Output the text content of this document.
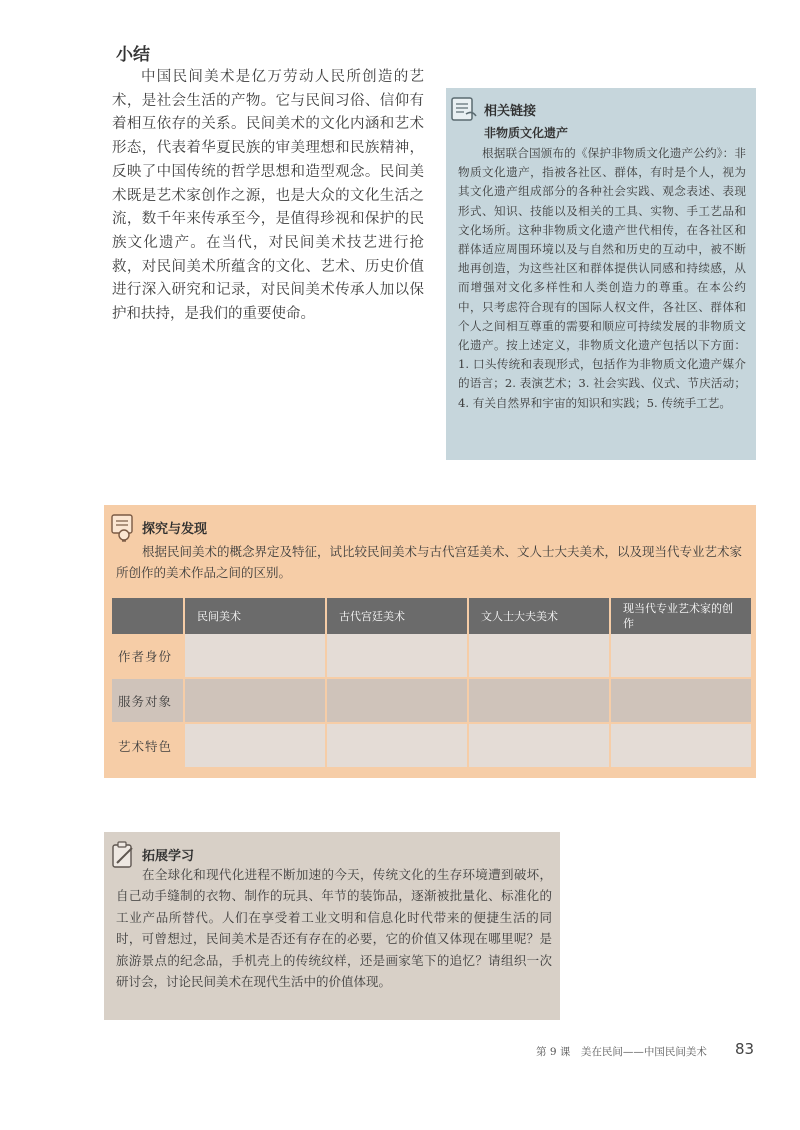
小结
中国民间美术是亿万劳动人民所创造的艺术，是社会生活的产物。它与民间习俗、信仰有着相互依存的关系。民间美术的文化内涵和艺术形态，代表着华夏民族的审美理想和民族精神，反映了中国传统的哲学思想和造型观念。民间美术既是艺术家创作之源，也是大众的文化生活之流，数千年来传承至今，是值得珍视和保护的民族文化遗产。在当代，对民间美术技艺进行抢救，对民间美术所蕴含的文化、艺术、历史价值进行深入研究和记录，对民间美术传承人加以保护和扶持，是我们的重要使命。
相关链接
非物质文化遗产
根据联合国颁布的《保护非物质文化遗产公约》：非物质文化遗产，指被各社区、群体，有时是个人，视为其文化遗产组成部分的各种社会实践、观念表述、表现形式、知识、技能以及相关的工具、实物、手工艺品和文化场所。这种非物质文化遗产世代相传，在各社区和群体适应周围环境以及与自然和历史的互动中，被不断地再创造，为这些社区和群体提供认同感和持续感，从而增强对文化多样性和人类创造力的尊重。在本公约中，只考虑符合现有的国际人权文件，各社区、群体和个人之间相互尊重的需要和顺应可持续发展的非物质文化遗产。按上述定义，非物质文化遗产包括以下方面：1. 口头传统和表现形式，包括作为非物质文化遗产媒介的语言；2. 表演艺术；3. 社会实践、仪式、节庆活动；4. 有关自然界和宇宙的知识和实践；5. 传统手工艺。
探究与发现
根据民间美术的概念界定及特征，试比较民间美术与古代宫廷美术、文人士大夫美术，以及现当代专业艺术家所创作的美术作品之间的区别。
	民间美术	古代宫廷美术	文人士大夫美术	现当代专业艺术家的创作
作者身份				
服务对象				
艺术特色				
拓展学习
在全球化和现代化进程不断加速的今天，传统文化的生存环境遭到破坏，自己动手缝制的衣物、制作的玩具、年节的装饰品，逐渐被批量化、标准化的工业产品所替代。人们在享受着工业文明和信息化时代带来的便捷生活的同时，可曾想过，民间美术是否还有存在的必要，它的价值又体现在哪里呢？是旅游景点的纪念品，手机壳上的传统纹样，还是画家笔下的追忆？请组织一次研讨会，讨论民间美术在现代生活中的价值体现。
第 9 课　美在民间——中国民间美术 83
